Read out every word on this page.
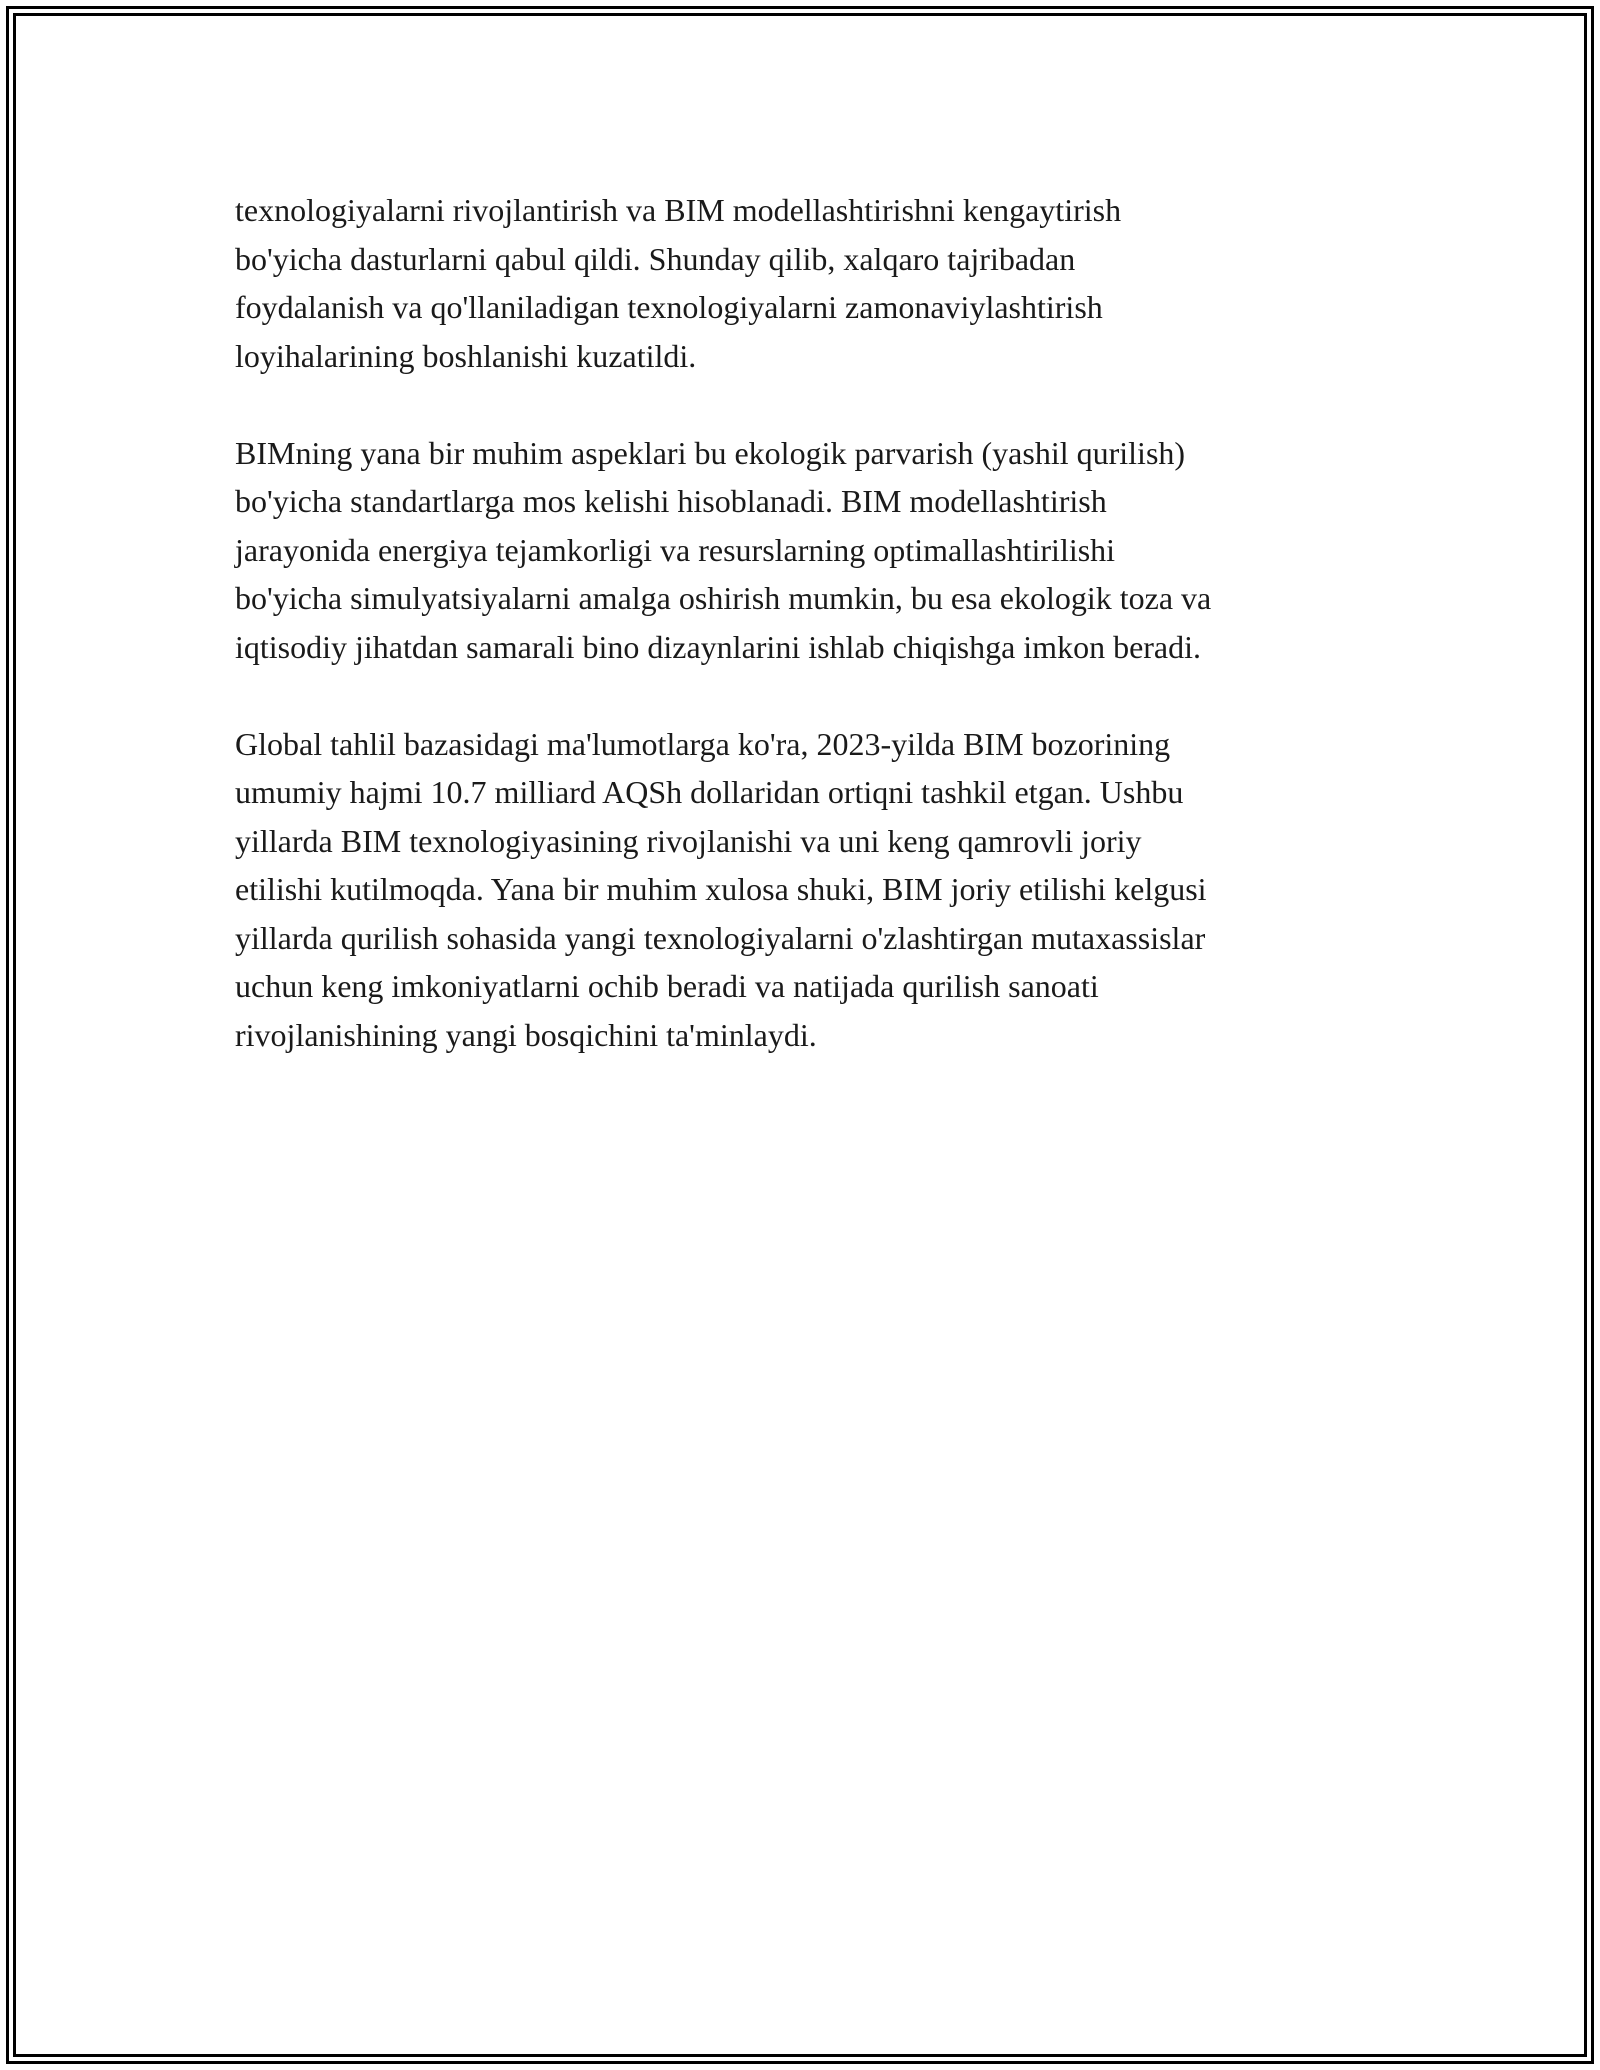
texnologiyalarni rivojlantirish va BIM modellashtirishni kengaytirish
bo'yicha dasturlarni qabul qildi. Shunday qilib, xalqaro tajribadan
foydalanish va qo'llaniladigan texnologiyalarni zamonaviylashtirish
loyihalarining boshlanishi kuzatildi.

BIMning yana bir muhim aspeklari bu ekologik parvarish (yashil qurilish)
bo'yicha standartlarga mos kelishi hisoblanadi. BIM modellashtirish
jarayonida energiya tejamkorligi va resurslarning optimallashtirilishi
bo'yicha simulyatsiyalarni amalga oshirish mumkin, bu esa ekologik toza va
iqtisodiy jihatdan samarali bino dizaynlarini ishlab chiqishga imkon beradi.

Global tahlil bazasidagi ma'lumotlarga ko'ra, 2023-yilda BIM bozorining
umumiy hajmi 10.7 milliard AQSh dollaridan ortiqni tashkil etgan. Ushbu
yillarda BIM texnologiyasining rivojlanishi va uni keng qamrovli joriy
etilishi kutilmoqda. Yana bir muhim xulosa shuki, BIM joriy etilishi kelgusi
yillarda qurilish sohasida yangi texnologiyalarni o'zlashtirgan mutaxassislar
uchun keng imkoniyatlarni ochib beradi va natijada qurilish sanoati
rivojlanishining yangi bosqichini ta'minlaydi.
